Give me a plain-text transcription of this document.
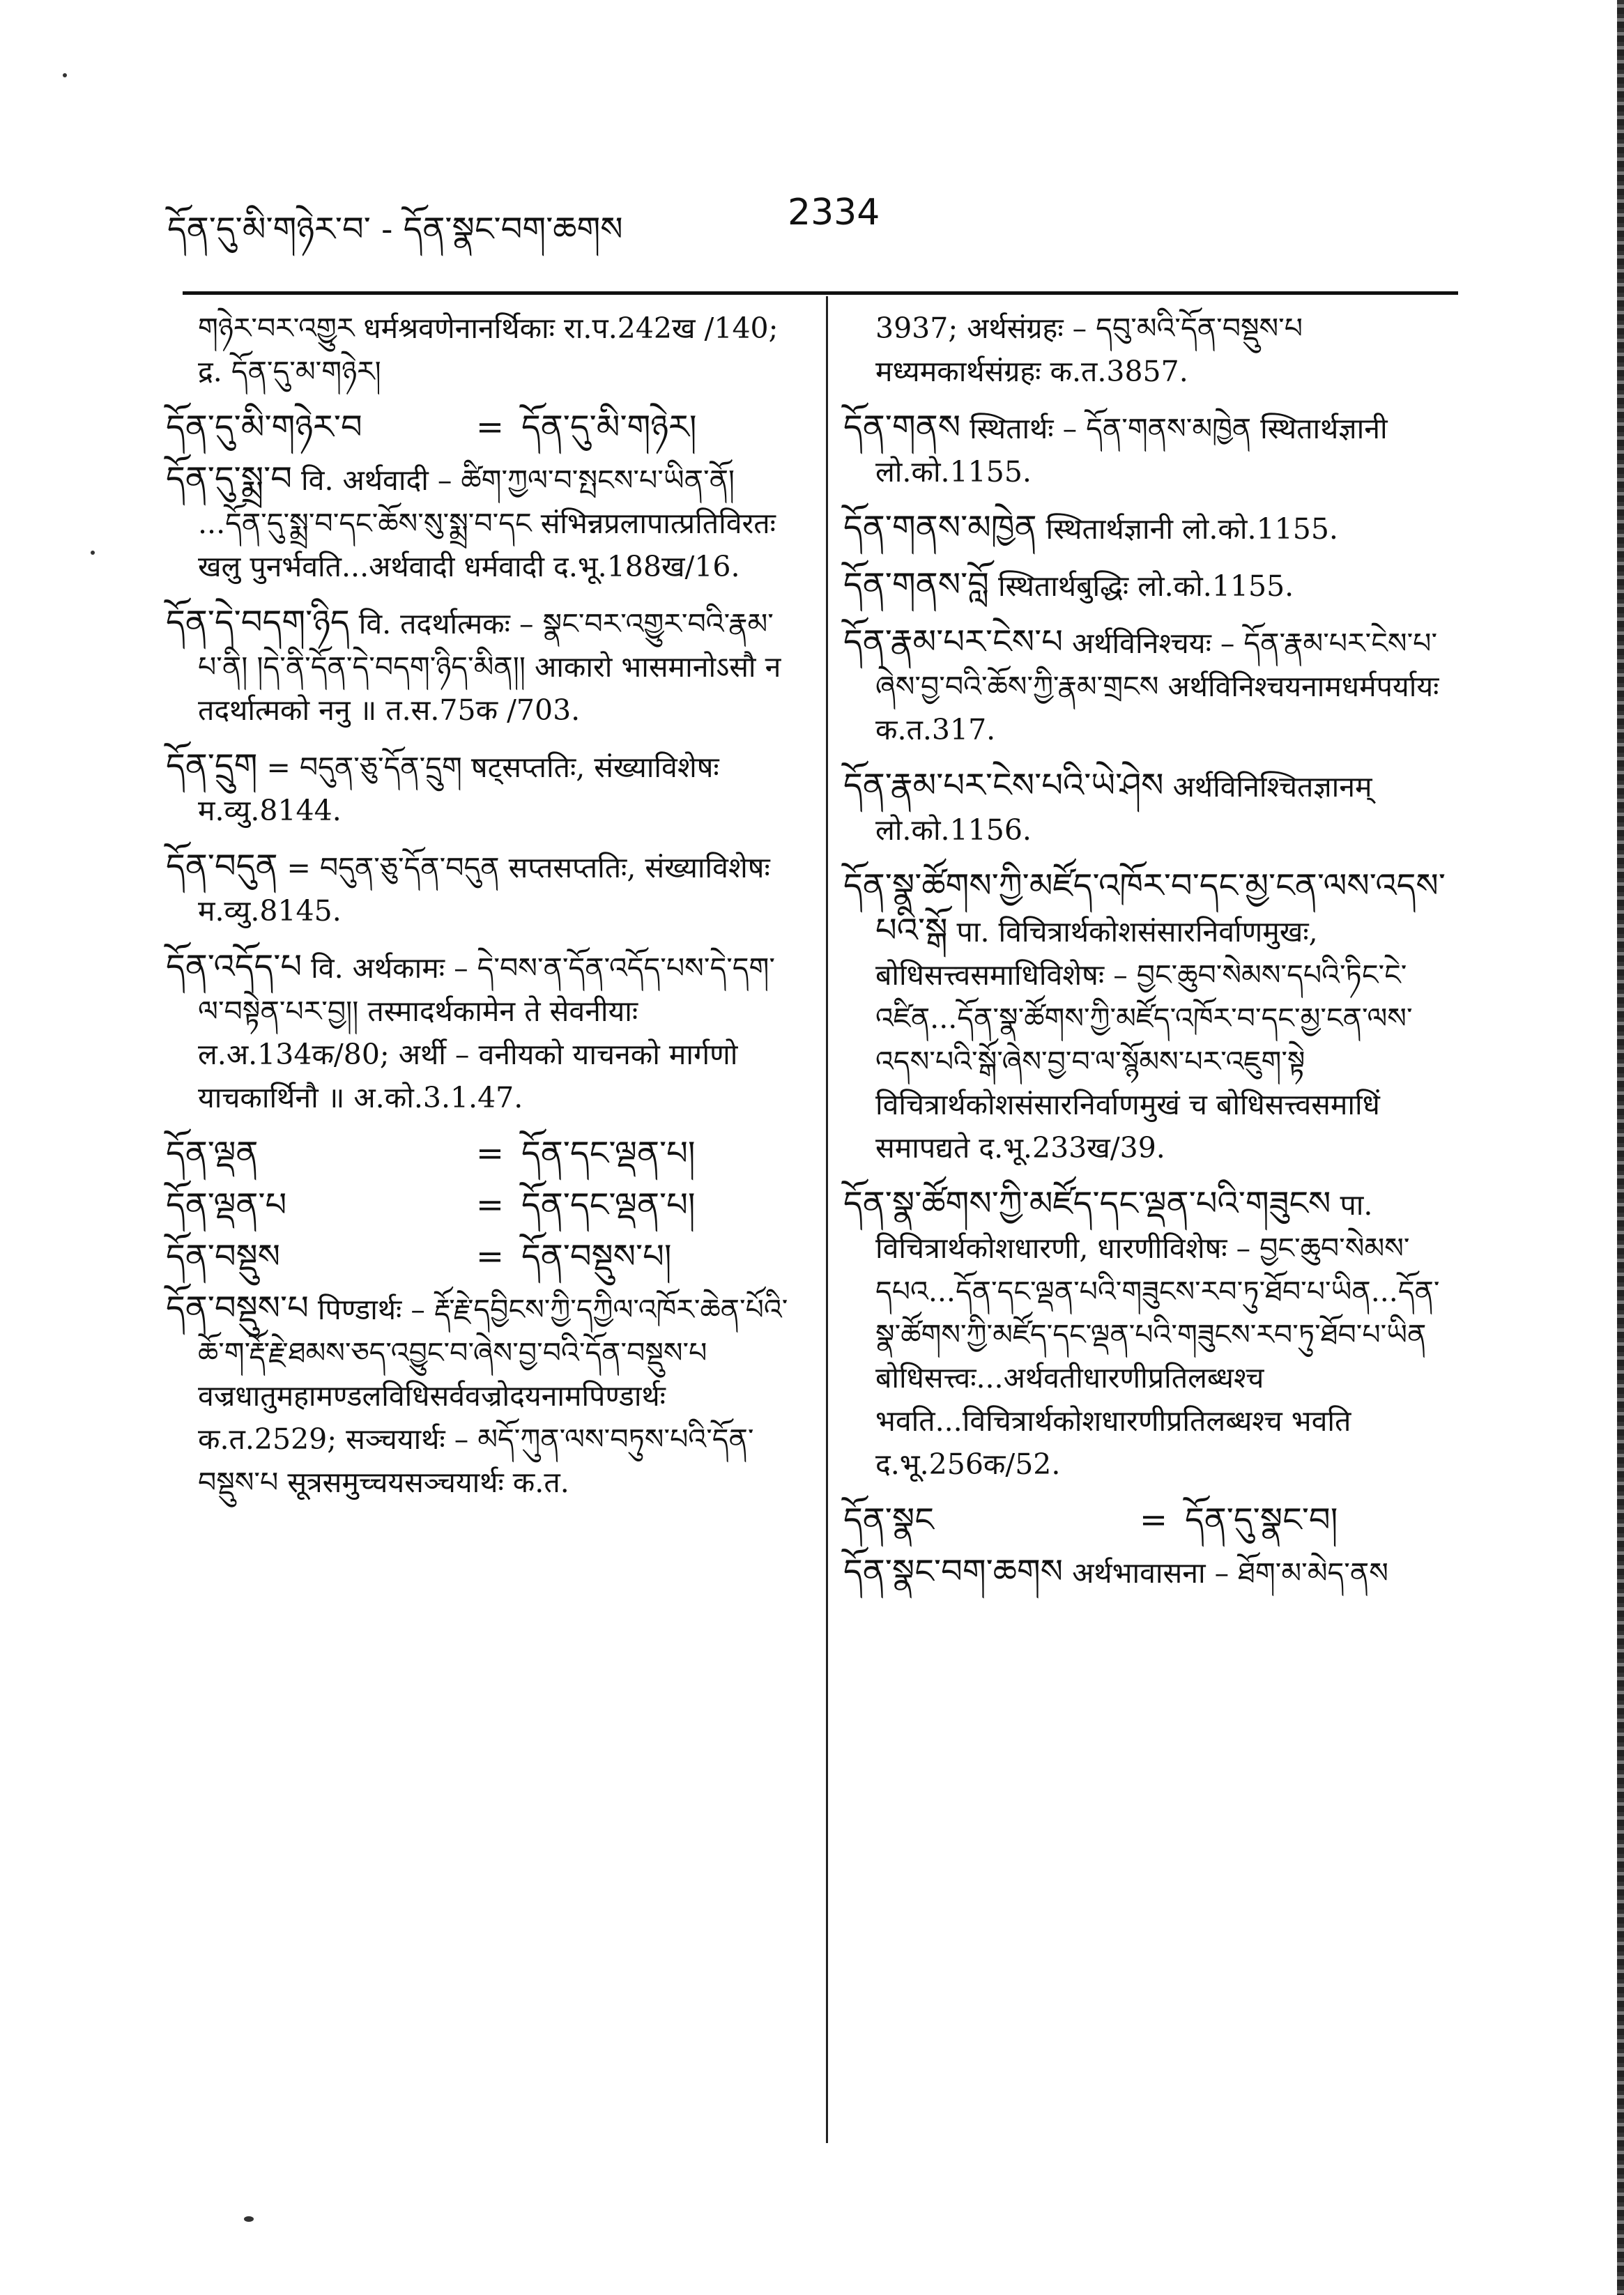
དོན་དུ་མི་གཉེར་བ་ - དོན་སྣང་བག་ཆགས	2334
གཉེར་བར་འགྱུར धर्मश्रवणेनानर्थिकाः रा.प.242ख /140; द्र. དོན་དུ་མ་གཉེར།
དོན་དུ་མི་གཉེར་བ	= དོན་དུ་མི་གཉེར།
དོན་དུ་སྨྲ་བ वि. अर्थवादी – ཚིག་ཀྱལ་བ་སྤངས་པ་ཡིན་ནོ། ...དོན་དུ་སྨྲ་བ་དང་ཆོས་སུ་སྨྲ་བ་དང संभिन्नप्रलापात्प्रतिविरतः खलु पुनर्भवति...अर्थवादी धर्मवादी द.भू.188ख/16.
དོན་དེ་བདག་ཉིད वि. तदर्थात्मकः – སྣང་བར་འགྱུར་བའི་རྣམ་པ་ནི། །དེ་ནི་དོན་དེ་བདག་ཉིད་མིན།། आकारो भासमानोऽसौ न तदर्थात्मको ननु ॥ त.स.75क /703.
དོན་དྲུག = བདུན་ཅུ་དོན་དྲུག षट्सप्ततिः, संख्याविशेषः म.व्यु.8144.
དོན་བདུན = བདུན་ཅུ་དོན་བདུན सप्तसप्ततिः, संख्याविशेषः म.व्यु.8145.
དོན་འདོད་པ वि. अर्थकामः – དེ་བས་ན་དོན་འདོད་པས་དེ་དག་ལ་བསྟེན་པར་བྱ།། तस्मादर्थकामेन ते सेवनीयाः ल.अ.134क/80; अर्थी – वनीयको याचनको मार्गणो याचकार्थिनौ ॥ अ.को.3.1.47.
དོན་ལྡན	= དོན་དང་ལྡན་པ།
དོན་ལྡན་པ	= དོན་དང་ལྡན་པ།
དོན་བསྡུས	= དོན་བསྡུས་པ།
དོན་བསྡུས་པ पिण्डार्थः – རྡོ་རྗེ་དབྱིངས་ཀྱི་དཀྱིལ་འཁོར་ཆེན་པོའི་ཆོ་ག་རྡོ་རྗེ་ཐམས་ཅད་འབྱུང་བ་ཞེས་བྱ་བའི་དོན་བསྡུས་པ वज्रधातुमहामण्डलविधिसर्ववज्रोदयनामपिण्डार्थः क.त.2529; सञ्चयार्थः – མདོ་ཀུན་ལས་བཏུས་པའི་དོན་བསྡུས་པ सूत्रसमुच्चयसञ्चयार्थः क.त.
3937; अर्थसंग्रहः – དབུ་མའི་དོན་བསྡུས་པ मध्यमकार्थसंग्रहः क.त.3857.
དོན་གནས स्थितार्थः – དོན་གནས་མཁྱེན स्थितार्थज्ञानी लो.को.1155.
དོན་གནས་མཁྱེན स्थितार्थज्ञानी लो.को.1155.
དོན་གནས་བློ स्थितार्थबुद्धिः लो.को.1155.
དོན་རྣམ་པར་ངེས་པ अर्थविनिश्चयः – དོན་རྣམ་པར་ངེས་པ་ཞེས་བྱ་བའི་ཆོས་ཀྱི་རྣམ་གྲངས अर्थविनिश्चयनामधर्मपर्यायः क.त.317.
དོན་རྣམ་པར་ངེས་པའི་ཡེ་ཤེས अर्थविनिश्चितज्ञानम् लो.को.1156.
དོན་སྣ་ཚོགས་ཀྱི་མཛོད་འཁོར་བ་དང་མྱ་ངན་ལས་འདས་པའི་སྒོ पा. विचित्रार्थकोशसंसारनिर्वाणमुखः, बोधिसत्त्वसमाधिविशेषः – བྱང་ཆུབ་སེམས་དཔའི་ཏིང་ངེ་འཛིན...དོན་སྣ་ཚོགས་ཀྱི་མཛོད་འཁོར་བ་དང་མྱ་ངན་ལས་འདས་པའི་སྒོ་ཞེས་བྱ་བ་ལ་སྙོམས་པར་འཇུག་སྟེ विचित्रार्थकोशसंसारनिर्वाणमुखं च बोधिसत्त्वसमाधिं समापद्यते द.भू.233ख/39.
དོན་སྣ་ཚོགས་ཀྱི་མཛོད་དང་ལྡན་པའི་གཟུངས पा. विचित्रार्थकोशधारणी, धारणीविशेषः – བྱང་ཆུབ་སེམས་དཔའ...དོན་དང་ལྡན་པའི་གཟུངས་རབ་ཏུ་ཐོབ་པ་ཡིན...དོན་སྣ་ཚོགས་ཀྱི་མཛོད་དང་ལྡན་པའི་གཟུངས་རབ་ཏུ་ཐོབ་པ་ཡིན बोधिसत्त्वः...अर्थवतीधारणीप्रतिलब्धश्च भवति...विचित्रार्थकोशधारणीप्रतिलब्धश्च भवति द.भू.256क/52.
དོན་སྣང	= དོན་དུ་སྣང་བ།
དོན་སྣང་བག་ཆགས अर्थभावासना – ཐོག་མ་མེད་ནས
